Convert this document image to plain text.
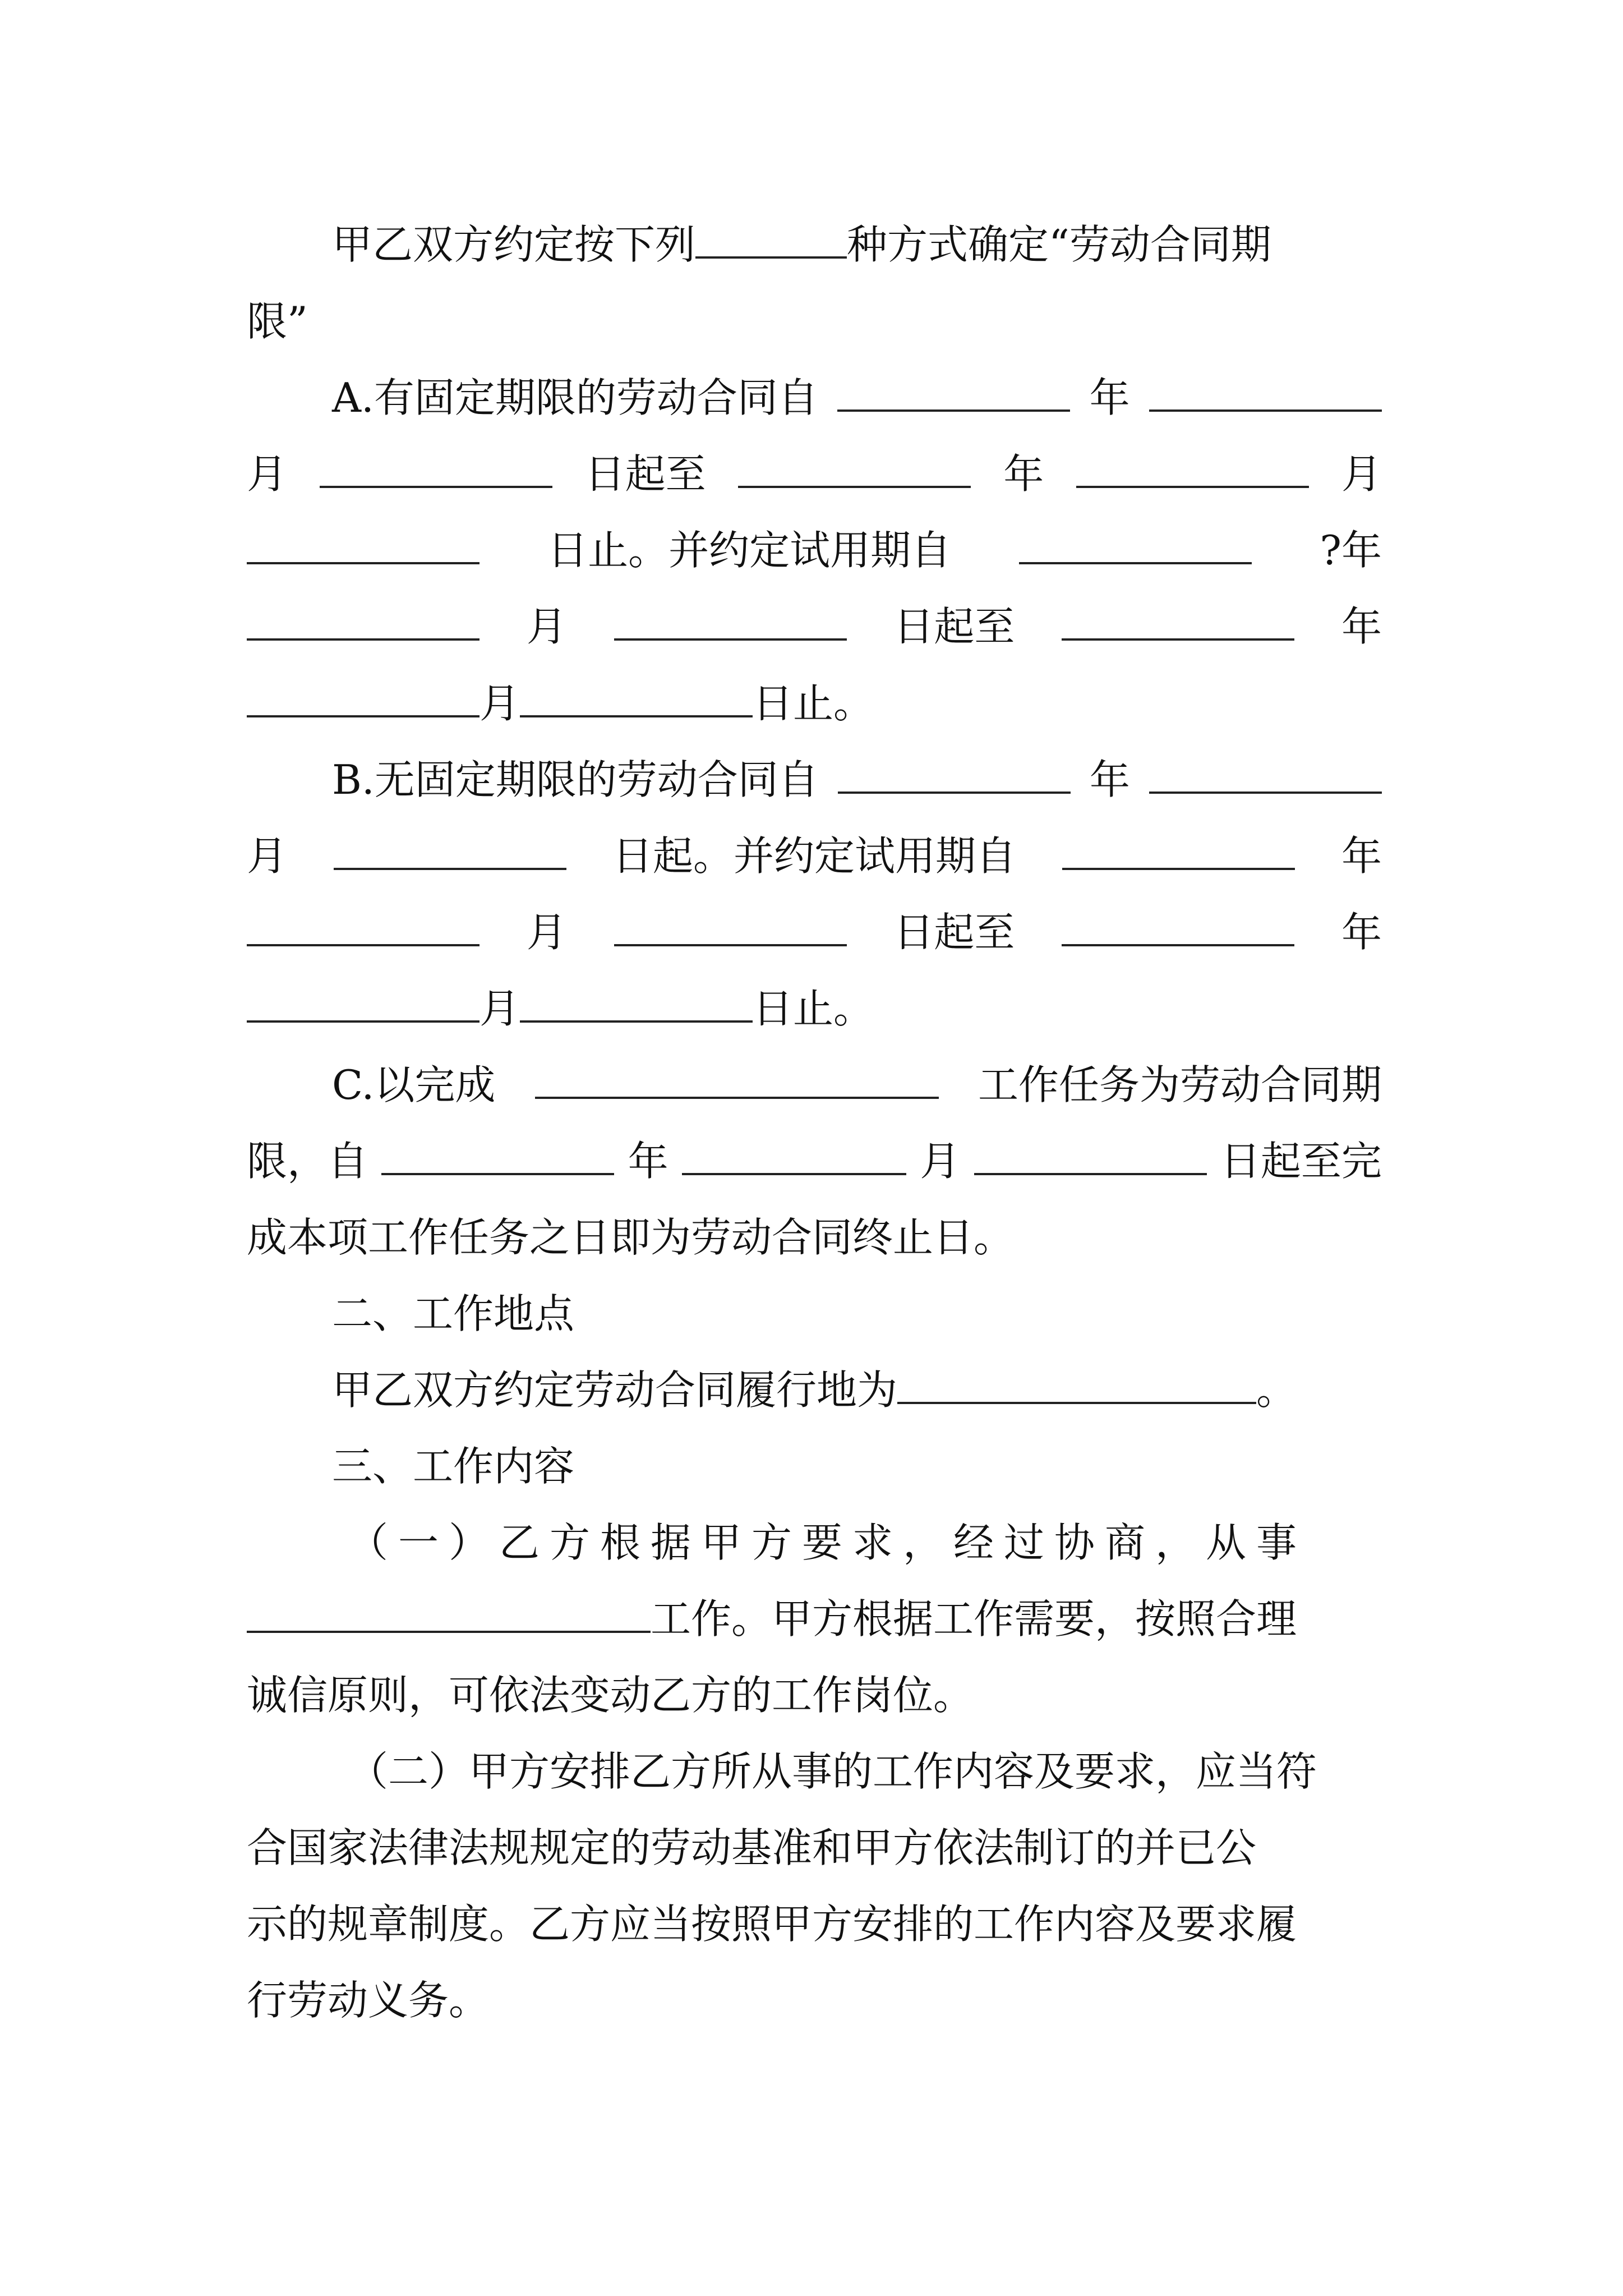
甲乙双方约定按下列	种方式确定“劳动合同期
限”
A.有固定期限的劳动合同自	年
月	日起至	年	月
日止。并约定试用期自	?年
月	日起至	年
月	日止。
B.无固定期限的劳动合同自	年
月	日起。并约定试用期自	年
月	日起至	年
月	日止。
C.以完成	工作任务为劳动合同期
限，自	年	月	日起至完
成本项工作任务之日即为劳动合同终止日。
二、工作地点
甲乙双方约定劳动合同履行地为	。
三、工作内容
（一）乙方根据甲方要求，经过协商，从事
工作。甲方根据工作需要，按照合理
诚信原则，可依法变动乙方的工作岗位。
（二）甲方安排乙方所从事的工作内容及要求，应当符
合国家法律法规规定的劳动基准和甲方依法制订的并已公
示的规章制度。乙方应当按照甲方安排的工作内容及要求履
行劳动义务。
